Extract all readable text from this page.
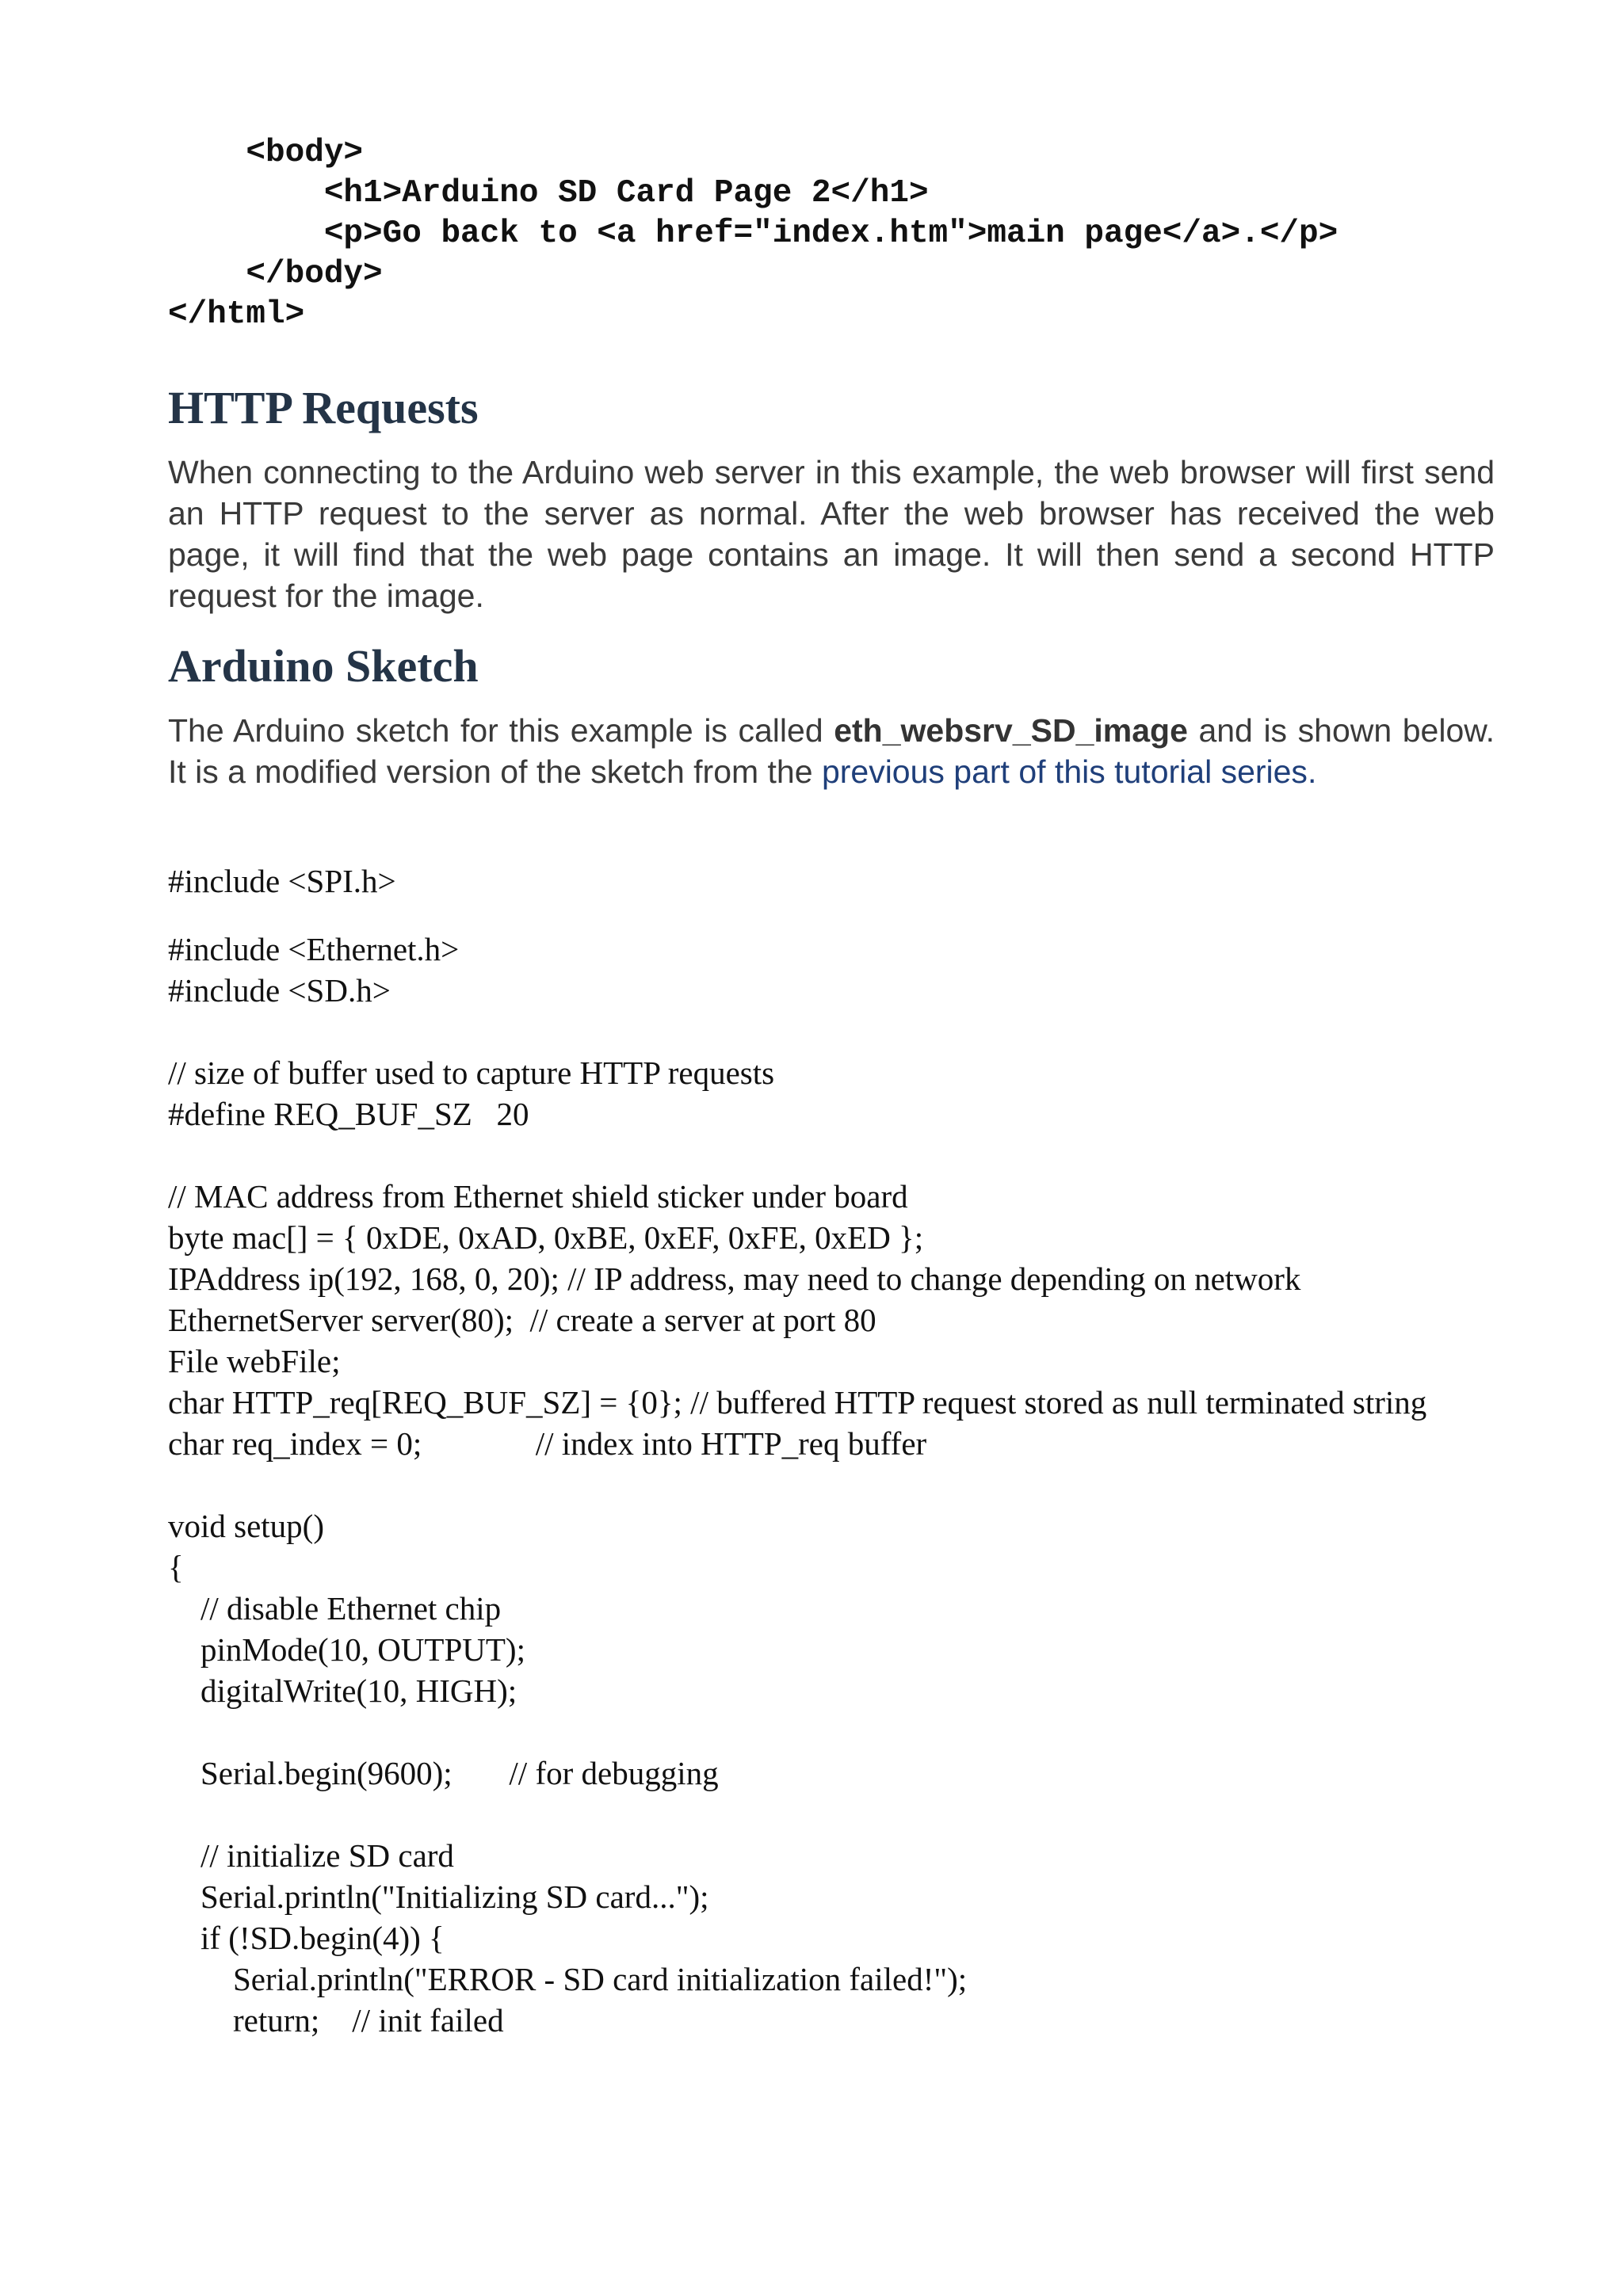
<body>
<h1>Arduino SD Card Page 2</h1>
<p>Go back to <a href="index.htm">main page</a>.</p>
</body>
</html>
HTTP Requests

When connecting to the Arduino web server in this example, the web browser will first send an HTTP request to the server as normal. After the web browser has received the web page, it will find that the web page contains an image. It will then send a second HTTP request for the image.

Arduino Sketch

The Arduino sketch for this example is called eth_websrv_SD_image and is shown below. It is a modified version of the sketch from the previous part of this tutorial series.

#include <SPI.h>
#include <Ethernet.h>
#include <SD.h>
// size of buffer used to capture HTTP requests
#define REQ_BUF_SZ   20
// MAC address from Ethernet shield sticker under board
byte mac[] = { 0xDE, 0xAD, 0xBE, 0xEF, 0xFE, 0xED };
IPAddress ip(192, 168, 0, 20); // IP address, may need to change depending on network
EthernetServer server(80);  // create a server at port 80
File webFile;
char HTTP_req[REQ_BUF_SZ] = {0}; // buffered HTTP request stored as null terminated string
char req_index = 0;              // index into HTTP_req buffer
void setup()
{
// disable Ethernet chip
pinMode(10, OUTPUT);
digitalWrite(10, HIGH);
Serial.begin(9600);       // for debugging
// initialize SD card
Serial.println("Initializing SD card...");
if (!SD.begin(4)) {
Serial.println("ERROR - SD card initialization failed!");
return;    // init failed
